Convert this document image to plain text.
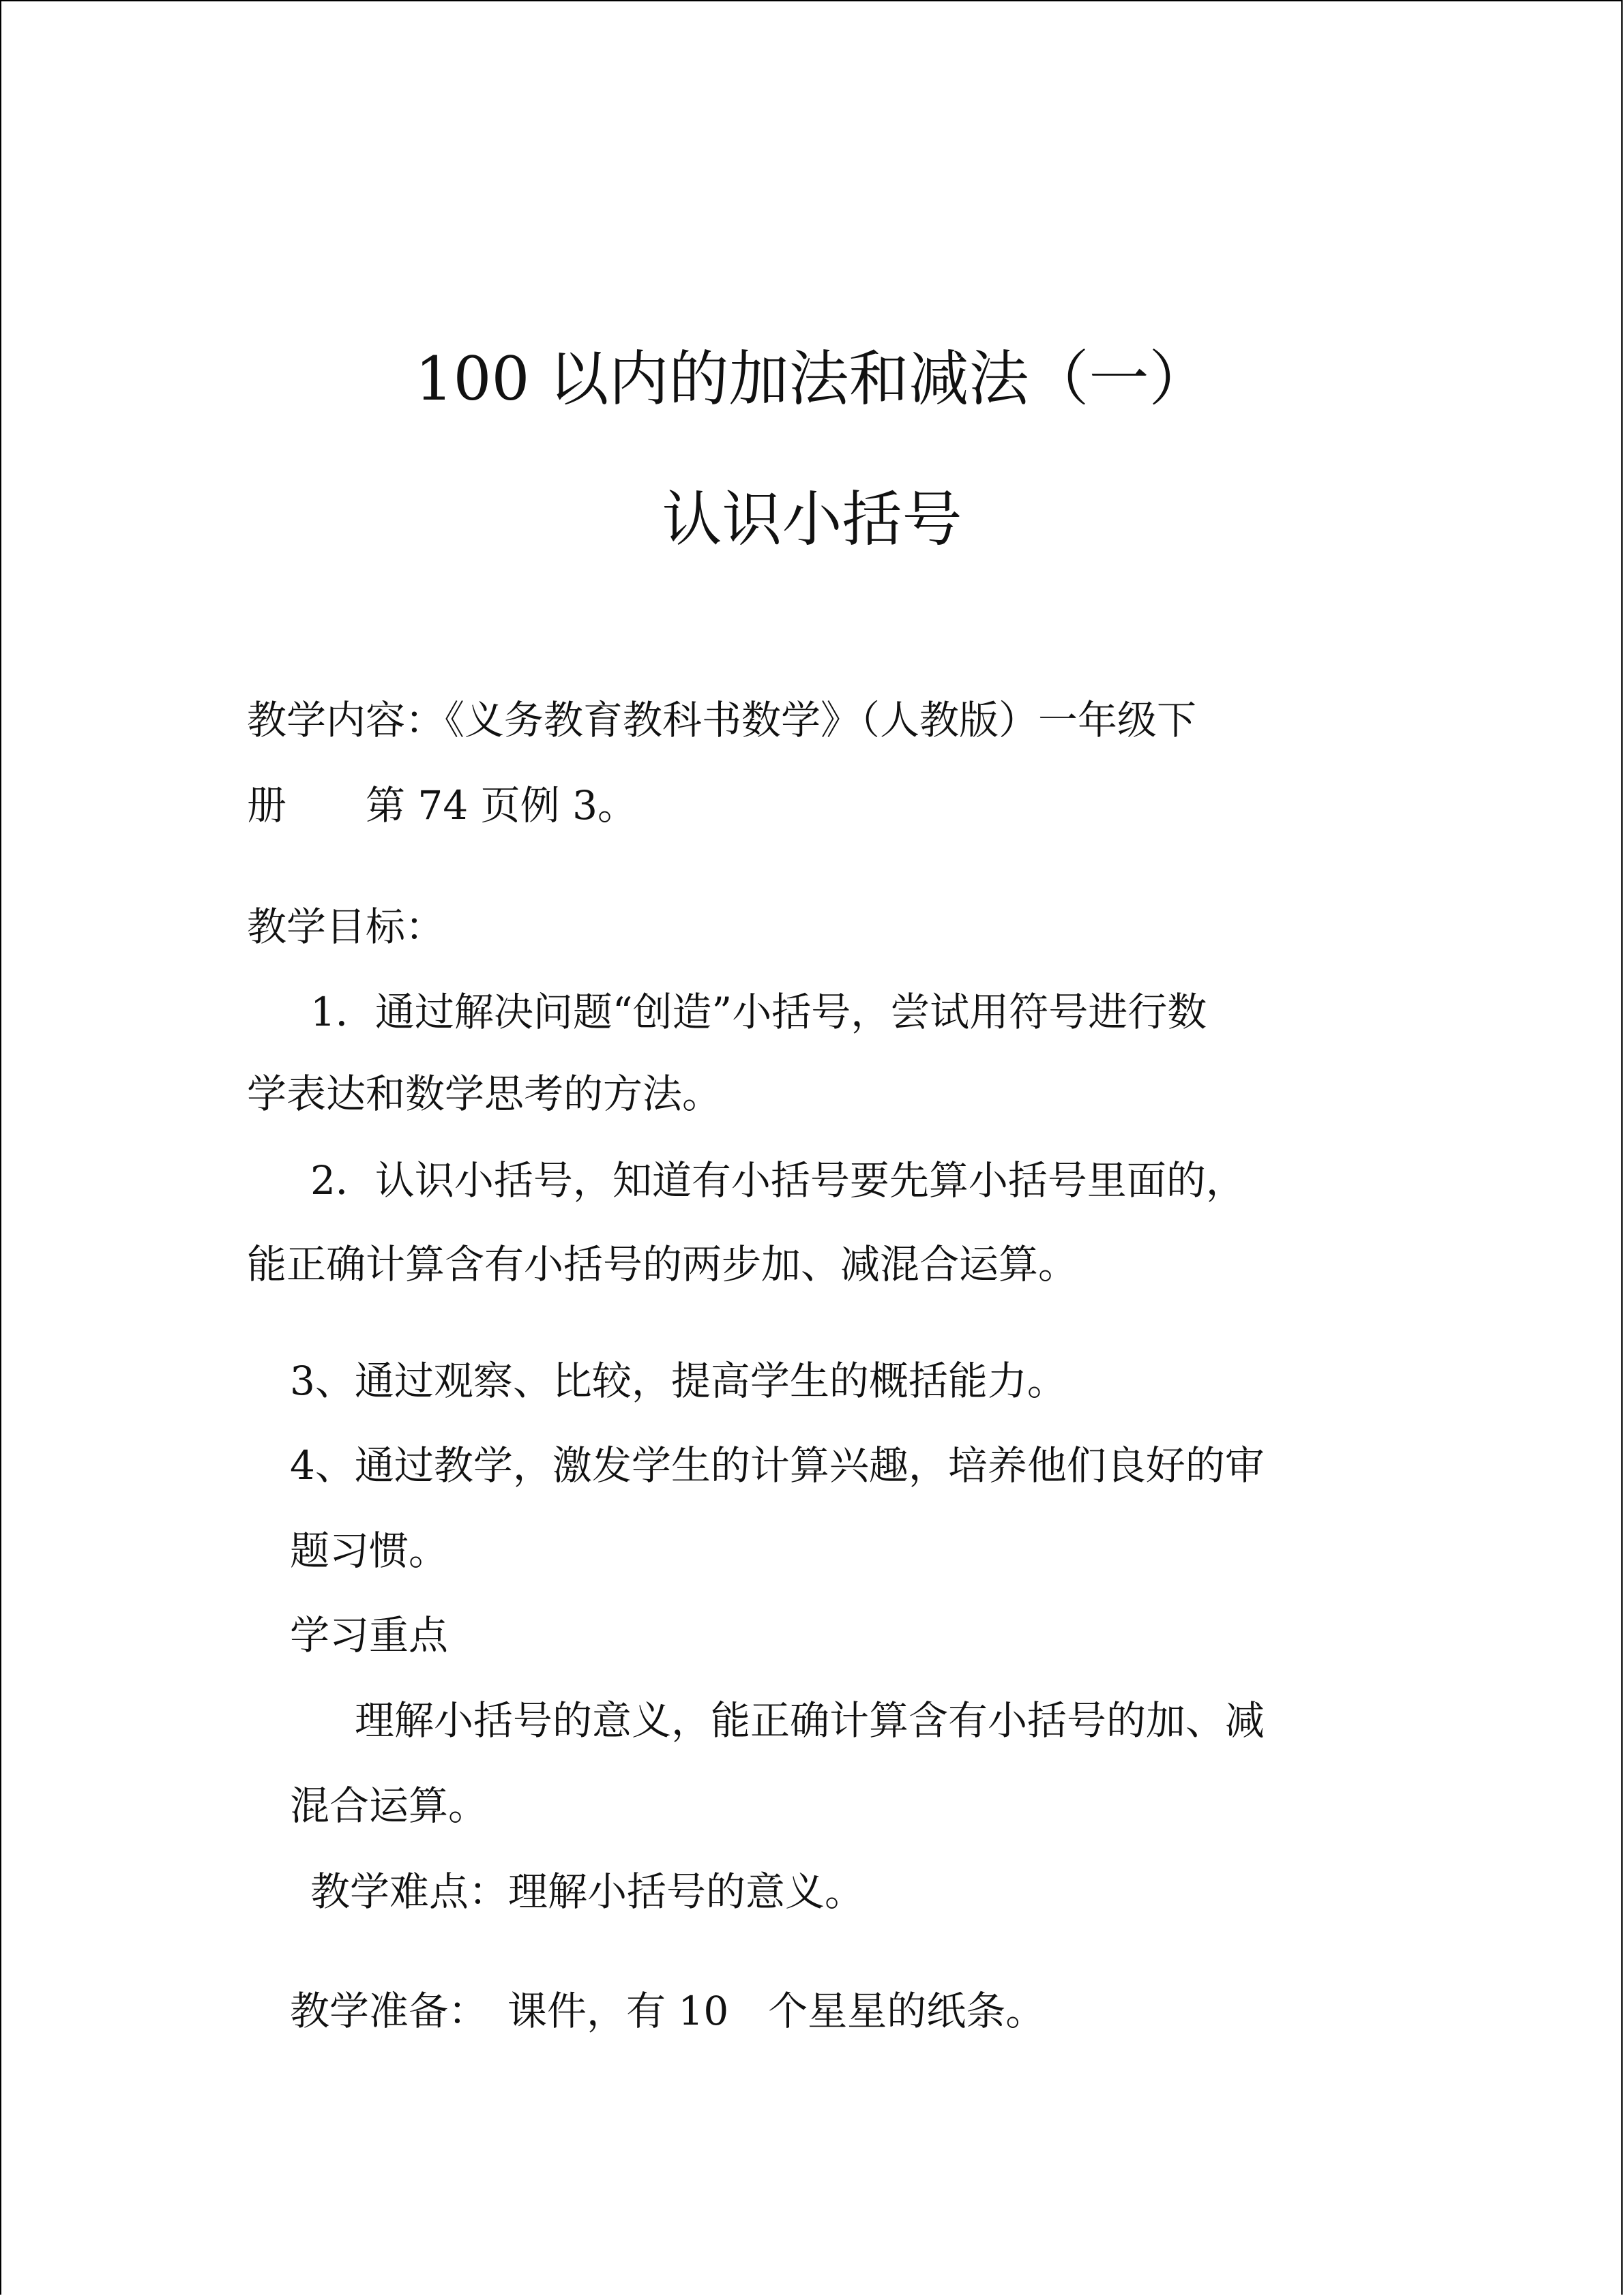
100 以内的加法和减法（一）
认识小括号
教学内容：《义务教育教科书数学》（人教版）一年级下
册　　第 74 页例 3。
教学目标：
1．通过解决问题“创造”小括号，尝试用符号进行数
学表达和数学思考的方法。
2．认识小括号，知道有小括号要先算小括号里面的，
能正确计算含有小括号的两步加、减混合运算。
3、通过观察、比较，提高学生的概括能力。
4、通过教学，激发学生的计算兴趣，培养他们良好的审
题习惯。
学习重点
理解小括号的意义，能正确计算含有小括号的加、减
混合运算。
教学难点：理解小括号的意义。
教学准备：　课件，有 10　个星星的纸条。
